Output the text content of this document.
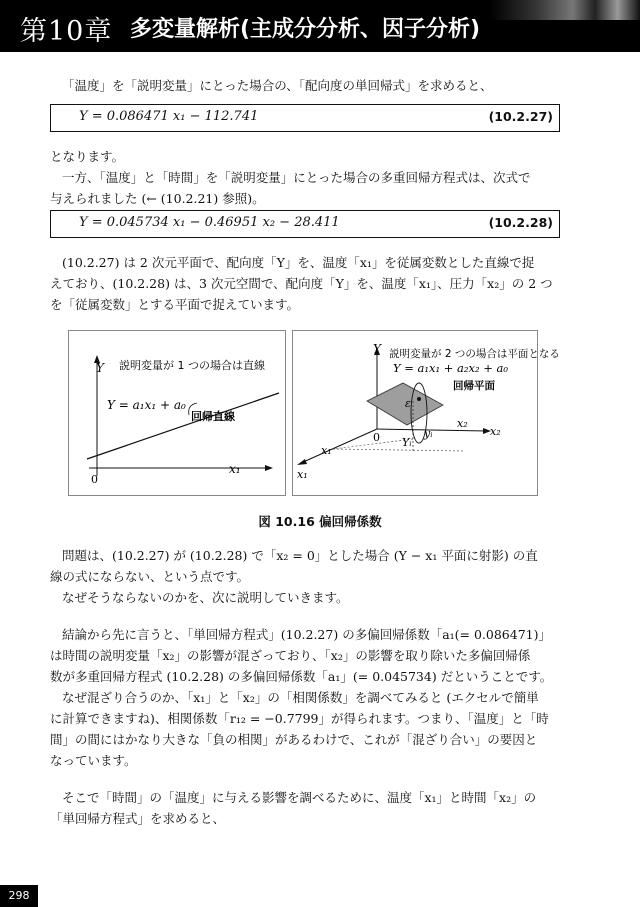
第10章 多変量解析(主成分分析、因子分析)
「温度」を「説明変量」にとった場合の、「配向度の単回帰式」を求めると、
Y = 0.086471 x₁ − 112.741	(10.2.27)
となります。
一方、「温度」と「時間」を「説明変量」にとった場合の多重回帰方程式は、次式で
与えられました (← (10.2.21) 参照)。
Y = 0.045734 x₁ − 0.46951 x₂ − 28.411	(10.2.28)
(10.2.27) は 2 次元平面で、配向度「Y」を、温度「x₁」を従属変数とした直線で捉
えており、(10.2.28) は、3 次元空間で、配向度「Y」を、温度「x₁」、圧力「x₂」の 2 つ
を「従属変数」とする平面で捉えています。
Y 説明変量が 1 つの場合は直線
Y = a₁x₁ + a₀
回帰直線
x₁
0
Y 説明変量が 2 つの場合は平面となる
Y = a₁x₁ + a₂x₂ + a₀
回帰平面
ε
Yᵢ
yᵢ
x₂
x₂
x₁
x₁
0
図 10.16 偏回帰係数
問題は、(10.2.27) が (10.2.28) で「x₂ = 0」とした場合 (Y − x₁ 平面に射影) の直
線の式にならない、という点です。
なぜそうならないのかを、次に説明していきます。
結論から先に言うと、「単回帰方程式」(10.2.27) の多偏回帰係数「a₁(= 0.086471)」
は時間の説明変量「x₂」の影響が混ざっており、「x₂」の影響を取り除いた多偏回帰係
数が多重回帰方程式 (10.2.28) の多偏回帰係数「a₁」(= 0.045734) だということです。
なぜ混ざり合うのか、「x₁」と「x₂」の「相関係数」を調べてみると (エクセルで簡単
に計算できますね)、相関係数「r₁₂ = −0.7799」が得られます。つまり、「温度」と「時
間」の間にはかなり大きな「負の相関」があるわけで、これが「混ざり合い」の要因と
なっています。
そこで「時間」の「温度」に与える影響を調べるために、温度「x₁」と時間「x₂」の
「単回帰方程式」を求めると、
298
